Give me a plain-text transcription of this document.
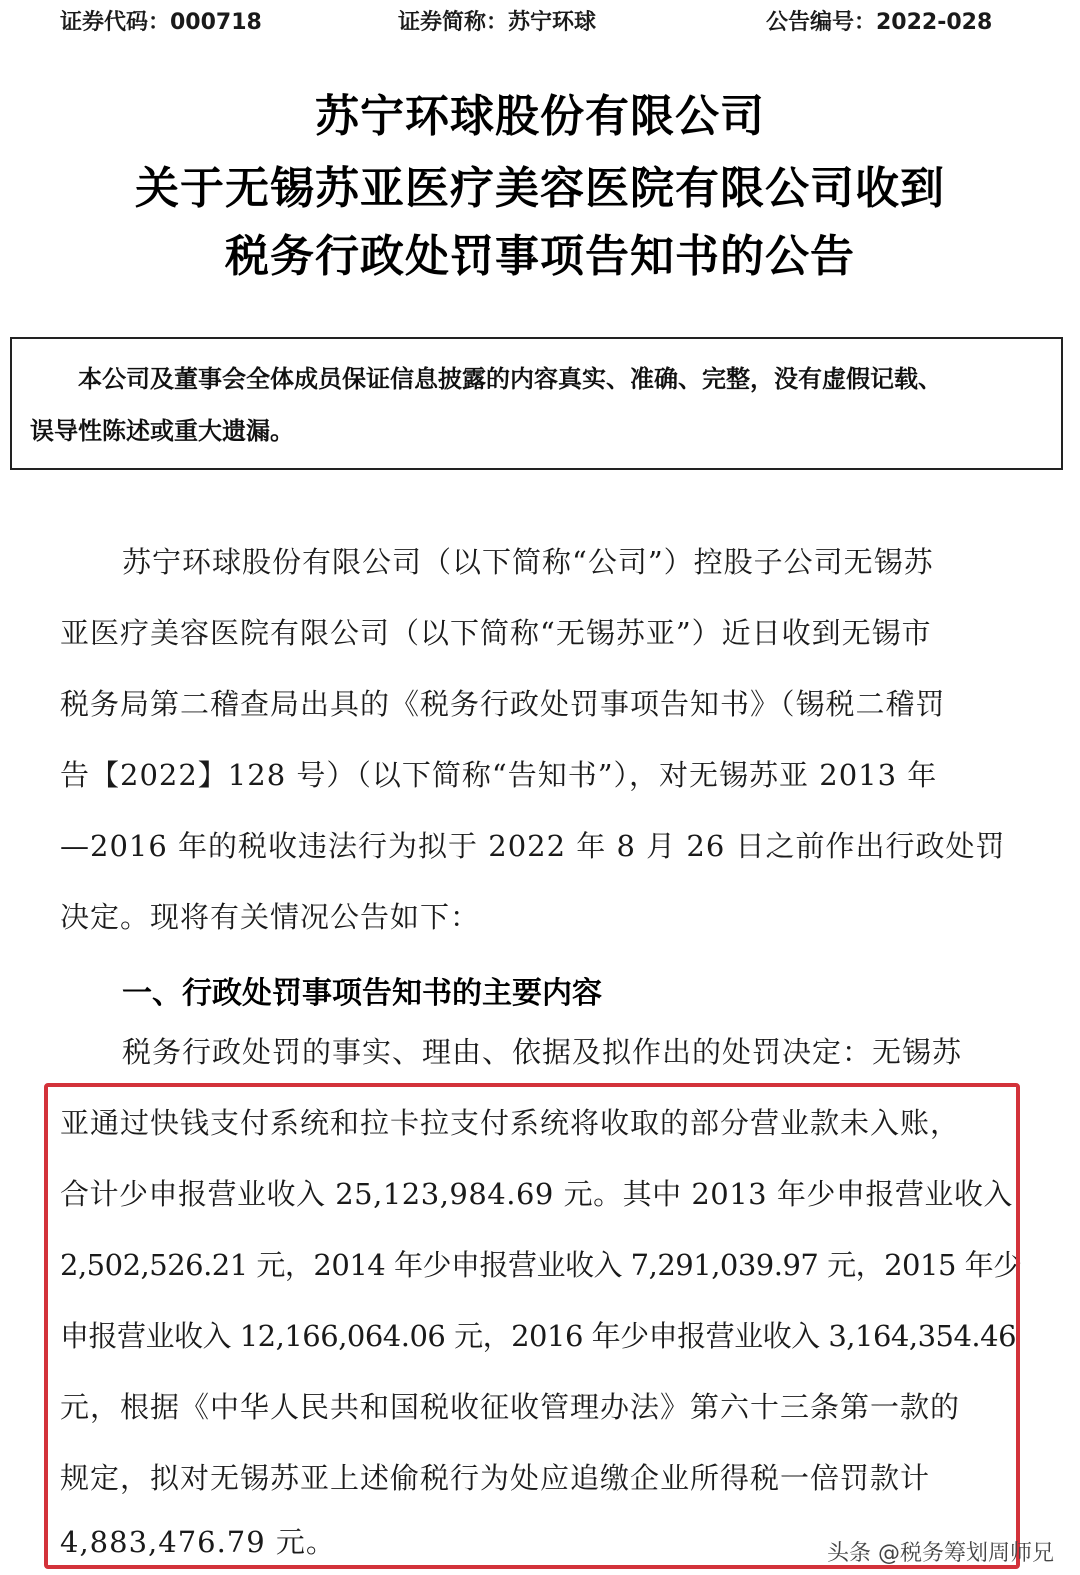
证券代码：000718	证券简称：苏宁环球	公告编号：2022-028
苏宁环球股份有限公司
关于无锡苏亚医疗美容医院有限公司收到
税务行政处罚事项告知书的公告
本公司及董事会全体成员保证信息披露的内容真实、准确、完整，没有虚假记载、
误导性陈述或重大遗漏。
苏宁环球股份有限公司（以下简称“公司”）控股子公司无锡苏
亚医疗美容医院有限公司（以下简称“无锡苏亚”）近日收到无锡市
税务局第二稽查局出具的《税务行政处罚事项告知书》（锡税二稽罚
告【2022】128 号）（以下简称“告知书”），对无锡苏亚 2013 年
—2016 年的税收违法行为拟于 2022 年 8 月 26 日之前作出行政处罚
决定。现将有关情况公告如下：
一、行政处罚事项告知书的主要内容
税务行政处罚的事实、理由、依据及拟作出的处罚决定：无锡苏
亚通过快钱支付系统和拉卡拉支付系统将收取的部分营业款未入账，
合计少申报营业收入 25,123,984.69 元。其中 2013 年少申报营业收入
2,502,526.21 元，2014 年少申报营业收入 7,291,039.97 元，2015 年少
申报营业收入 12,166,064.06 元，2016 年少申报营业收入 3,164,354.46
元，根据《中华人民共和国税收征收管理办法》第六十三条第一款的
规定，拟对无锡苏亚上述偷税行为处应追缴企业所得税一倍罚款计
4,883,476.79 元。	头条 @税务筹划周师兄
